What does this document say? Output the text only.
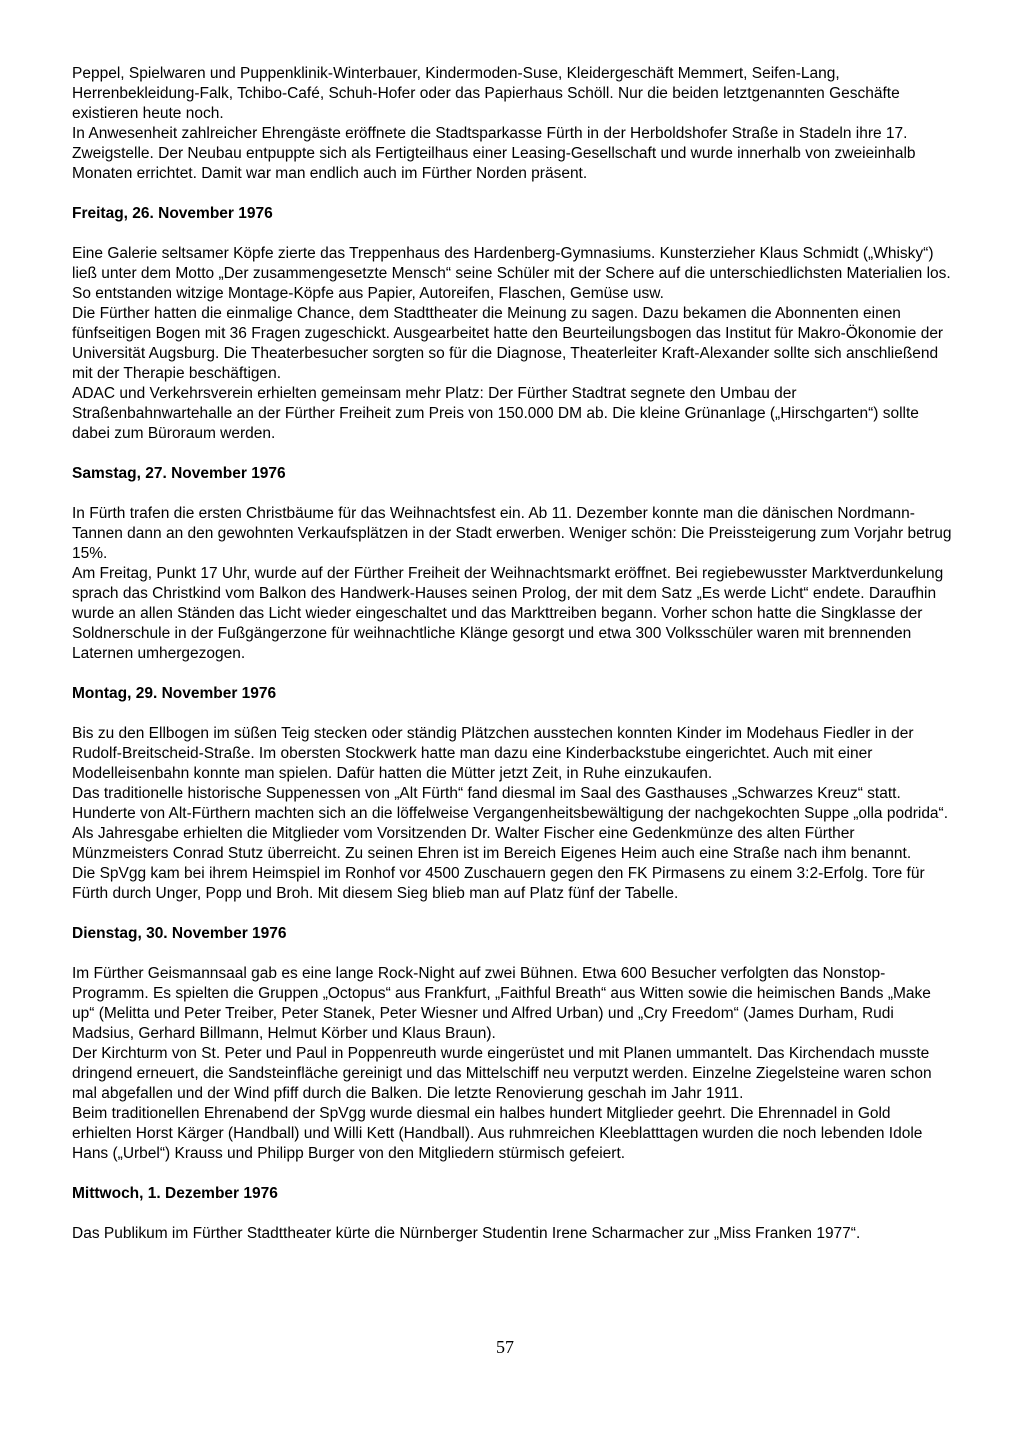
Peppel, Spielwaren und Puppenklinik-Winterbauer, Kindermoden-Suse, Kleidergeschäft Memmert, Seifen-Lang, Herrenbekleidung-Falk, Tchibo-Café, Schuh-Hofer oder das Papierhaus Schöll. Nur die beiden letztgenannten Geschäfte existieren heute noch.

In Anwesenheit zahlreicher Ehrengäste eröffnete die Stadtsparkasse Fürth in der Herboldshofer Straße in Stadeln ihre 17. Zweigstelle. Der Neubau entpuppte sich als Fertigteilhaus einer Leasing-Gesellschaft und wurde innerhalb von zweieinhalb Monaten errichtet. Damit war man endlich auch im Fürther Norden präsent.

Freitag, 26. November 1976

Eine Galerie seltsamer Köpfe zierte das Treppenhaus des Hardenberg-Gymnasiums. Kunsterzieher Klaus Schmidt („Whisky“) ließ unter dem Motto „Der zusammengesetzte Mensch“ seine Schüler mit der Schere auf die unterschiedlichsten Materialien los. So entstanden witzige Montage-Köpfe aus Papier, Autoreifen, Flaschen, Gemüse usw.

Die Fürther hatten die einmalige Chance, dem Stadttheater die Meinung zu sagen. Dazu bekamen die Abonnenten einen fünfseitigen Bogen mit 36 Fragen zugeschickt. Ausgearbeitet hatte den Beurteilungsbogen das Institut für Makro-Ökonomie der Universität Augsburg. Die Theaterbesucher sorgten so für die Diagnose, Theaterleiter Kraft-Alexander sollte sich anschließend mit der Therapie beschäftigen.

ADAC und Verkehrsverein erhielten gemeinsam mehr Platz: Der Fürther Stadtrat segnete den Umbau der Straßenbahnwartehalle an der Fürther Freiheit zum Preis von 150.000 DM ab. Die kleine Grünanlage („Hirschgarten“) sollte dabei zum Büroraum werden.

Samstag, 27. November 1976

In Fürth trafen die ersten Christbäume für das Weihnachtsfest ein. Ab 11. Dezember konnte man die dänischen Nordmann-Tannen dann an den gewohnten Verkaufsplätzen in der Stadt erwerben. Weniger schön: Die Preissteigerung zum Vorjahr betrug 15%.

Am Freitag, Punkt 17 Uhr, wurde auf der Fürther Freiheit der Weihnachtsmarkt eröffnet. Bei regiebewusster Marktverdunkelung sprach das Christkind vom Balkon des Handwerk-Hauses seinen Prolog, der mit dem Satz „Es werde Licht“ endete. Daraufhin wurde an allen Ständen das Licht wieder eingeschaltet und das Markttreiben begann. Vorher schon hatte die Singklasse der Soldnerschule in der Fußgängerzone für weihnachtliche Klänge gesorgt und etwa 300 Volksschüler waren mit brennenden Laternen umhergezogen.

Montag, 29. November 1976

Bis zu den Ellbogen im süßen Teig stecken oder ständig Plätzchen ausstechen konnten Kinder im Modehaus Fiedler in der Rudolf-Breitscheid-Straße. Im obersten Stockwerk hatte man dazu eine Kinderbackstube eingerichtet. Auch mit einer Modelleisenbahn konnte man spielen. Dafür hatten die Mütter jetzt Zeit, in Ruhe einzukaufen.

Das traditionelle historische Suppenessen von „Alt Fürth“ fand diesmal im Saal des Gasthauses „Schwarzes Kreuz“ statt. Hunderte von Alt-Fürthern machten sich an die löffelweise Vergangenheitsbewältigung der nachgekochten Suppe „olla podrida“. Als Jahresgabe erhielten die Mitglieder vom Vorsitzenden Dr. Walter Fischer eine Gedenkmünze des alten Fürther Münzmeisters Conrad Stutz überreicht. Zu seinen Ehren ist im Bereich Eigenes Heim auch eine Straße nach ihm benannt.

Die SpVgg kam bei ihrem Heimspiel im Ronhof vor 4500 Zuschauern gegen den FK Pirmasens zu einem 3:2-Erfolg. Tore für Fürth durch Unger, Popp und Broh. Mit diesem Sieg blieb man auf Platz fünf der Tabelle.

Dienstag, 30. November 1976

Im Fürther Geismannsaal gab es eine lange Rock-Night auf zwei Bühnen. Etwa 600 Besucher verfolgten das Nonstop-Programm. Es spielten die Gruppen „Octopus“ aus Frankfurt, „Faithful Breath“ aus Witten sowie die heimischen Bands „Make up“ (Melitta und Peter Treiber, Peter Stanek, Peter Wiesner und Alfred Urban) und „Cry Freedom“ (James Durham, Rudi Madsius, Gerhard Billmann, Helmut Körber und Klaus Braun).

Der Kirchturm von St. Peter und Paul in Poppenreuth wurde eingerüstet und mit Planen ummantelt. Das Kirchendach musste dringend erneuert, die Sandsteinfläche gereinigt und das Mittelschiff neu verputzt werden. Einzelne Ziegelsteine waren schon mal abgefallen und der Wind pfiff durch die Balken. Die letzte Renovierung geschah im Jahr 1911.

Beim traditionellen Ehrenabend der SpVgg wurde diesmal ein halbes hundert Mitglieder geehrt. Die Ehrennadel in Gold erhielten Horst Kärger (Handball) und Willi Kett (Handball). Aus ruhmreichen Kleeblatttagen wurden die noch lebenden Idole Hans („Urbel“) Krauss und Philipp Burger von den Mitgliedern stürmisch gefeiert.

Mittwoch, 1. Dezember 1976

Das Publikum im Fürther Stadttheater kürte die Nürnberger Studentin Irene Scharmacher zur „Miss Franken 1977“.

57
